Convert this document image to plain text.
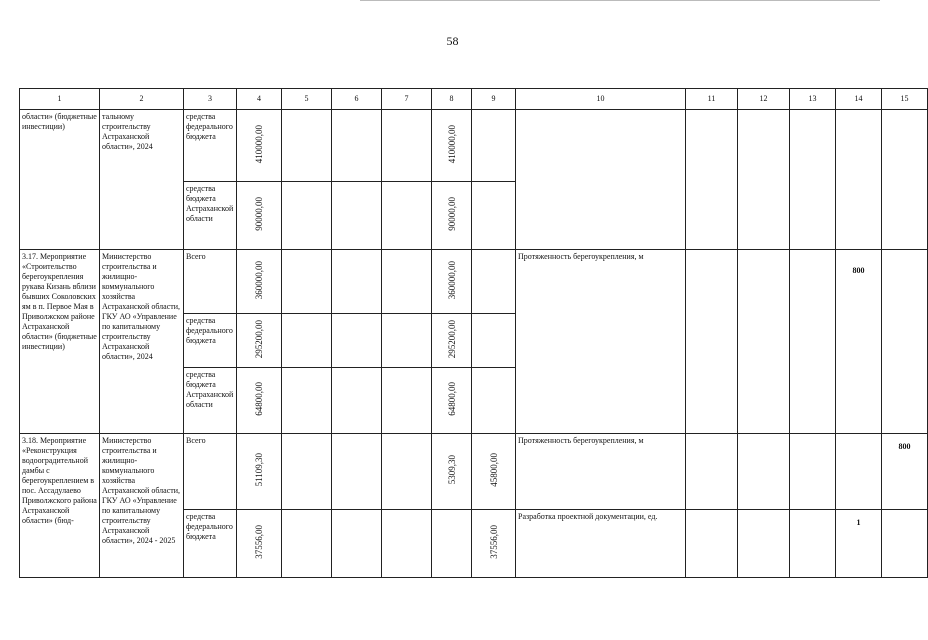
58
1	2	3	4	5	6	7	8	9	10	11	12	13	14	15
области» (бюджетные инвестиции)	тальному строительству Астраханской области», 2024	средства федерального бюджета	410000,00				410000,00							
		средства бюджета Астраханской области	90000,00				90000,00							
3.17. Мероприятие «Строительство берегоукрепления рукава Кизань вблизи бывших Соколовских ям в п. Первое Мая в Приволжском районе Астраханской области» (бюджетные инвестиции)	Министерство строительства и жилищно-коммунального хозяйства Астраханской области, ГКУ АО «Управление по капитальному строительству Астраханской области», 2024	Всего	360000,00				360000,00		Протяженность берегоукрепления, м				800	
		средства федерального бюджета	295200,00				295200,00							
		средства бюджета Астраханской области	64800,00				64800,00							
3.18. Мероприятие «Реконструкция водооградительной дамбы с берегоукреплением в пос. Ассадулаево Приволжского района Астраханской области» (бюд-	Министерство строительства и жилищно-коммунального хозяйства Астраханской области, ГКУ АО «Управление по капитальному строительству Астраханской области», 2024 - 2025	Всего	51109,30				5309,30	45800,00	Протяженность берегоукрепления, м					800
		средства федерального бюджета	37556,00					37556,00	Разработка проектной документации, ед.				1	
